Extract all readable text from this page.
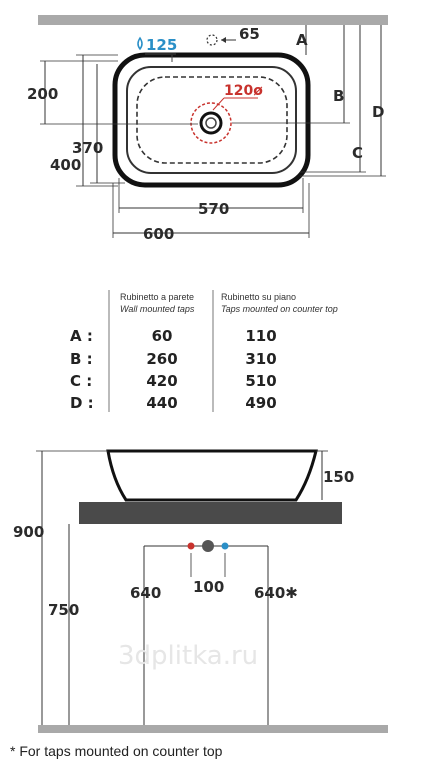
120ø
125
65 A
B
C
D
200
370
400
570
600
Rubinetto a parete
Wall mounted taps
Rubinetto su piano
Taps mounted on counter top
A :	60	110
B :	260	310
C :	420	510
D :	440	490
150
900
750
640	640✱
100
3dplitka.ru
* For taps mounted on counter top
